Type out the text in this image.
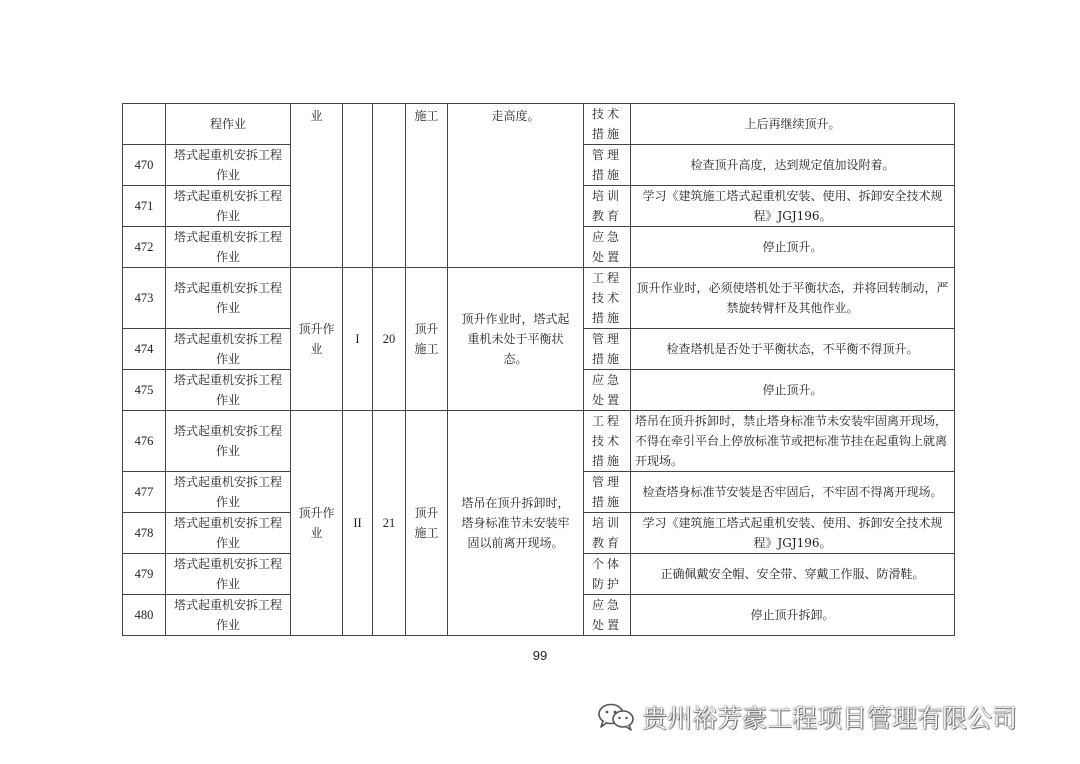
	程作业	业			施工	走高度。	技术措施	上后再继续顶升。
470	塔式起重机安拆工程作业						管理措施	检查顶升高度，达到规定值加设附着。
471	塔式起重机安拆工程作业						培训教育	学习《建筑施工塔式起重机安装、使用、拆卸安全技术规程》JGJ196。
472	塔式起重机安拆工程作业						应急处置	停止顶升。
473	塔式起重机安拆工程作业	顶升作业	I	20	顶升施工	顶升作业时，塔式起重机未处于平衡状态。	工程技术措施	顶升作业时，必须使塔机处于平衡状态，并将回转制动，严禁旋转臂杆及其他作业。
474	塔式起重机安拆工程作业						管理措施	检查塔机是否处于平衡状态，不平衡不得顶升。
475	塔式起重机安拆工程作业						应急处置	停止顶升。
476	塔式起重机安拆工程作业	顶升作业	II	21	顶升施工	塔吊在顶升拆卸时，塔身标准节未安装牢固以前离开现场。	工程技术措施	塔吊在顶升拆卸时，禁止塔身标准节未安装牢固离开现场，不得在牵引平台上停放标准节或把标准节挂在起重钩上就离开现场。
477	塔式起重机安拆工程作业						管理措施	检查塔身标准节安装是否牢固后，不牢固不得离开现场。
478	塔式起重机安拆工程作业						培训教育	学习《建筑施工塔式起重机安装、使用、拆卸安全技术规程》JGJ196。
479	塔式起重机安拆工程作业						个体防护	正确佩戴安全帽、安全带、穿戴工作服、防滑鞋。
480	塔式起重机安拆工程作业						应急处置	停止顶升拆卸。
99
贵州裕芳豪工程项目管理有限公司
